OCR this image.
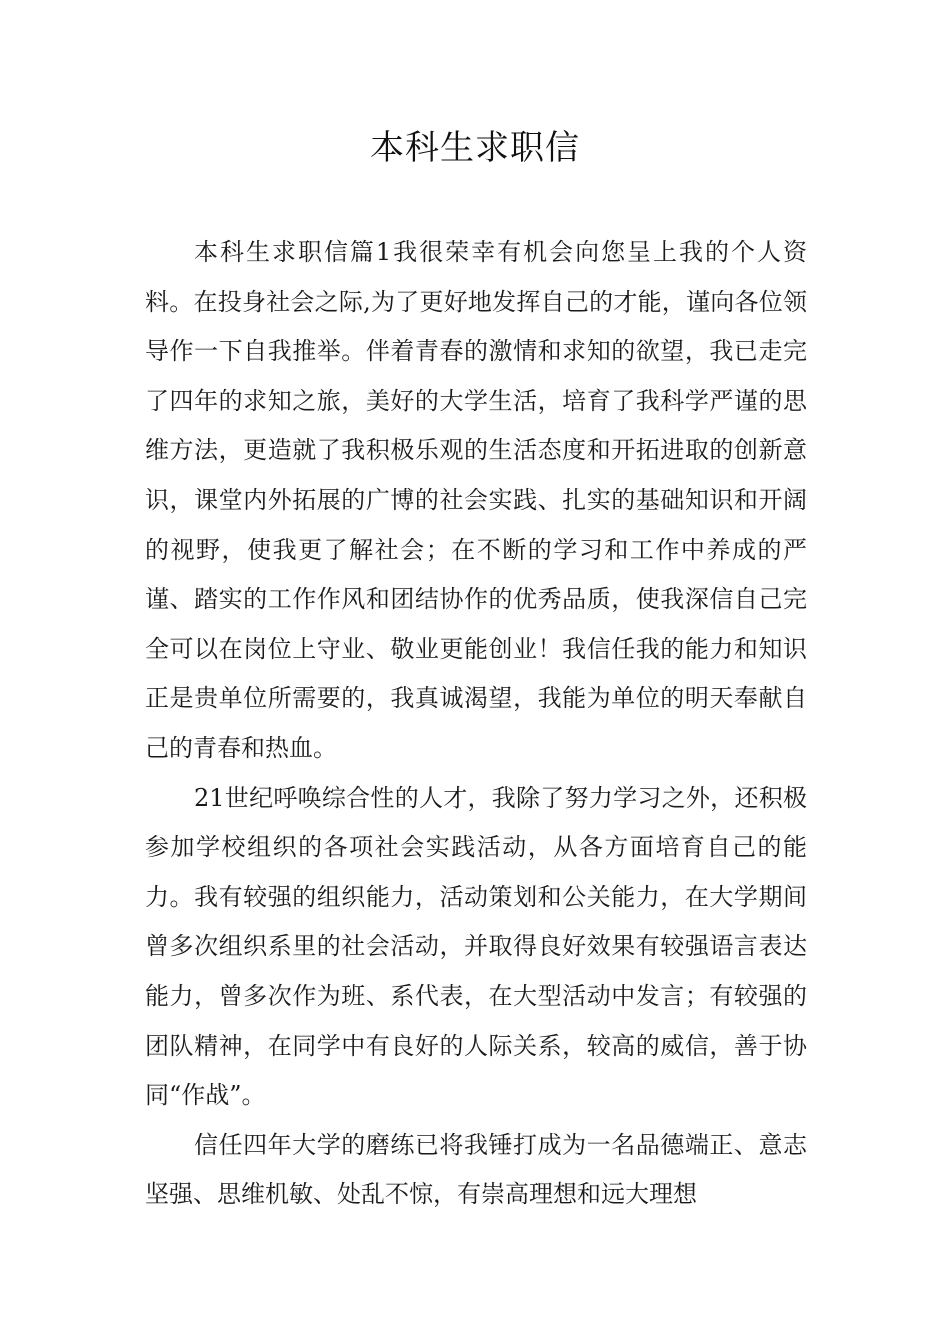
本科生求职信

本科生求职信篇1我很荣幸有机会向您呈上我的个人资料。在投身社会之际,为了更好地发挥自己的才能，谨向各位领导作一下自我推举。伴着青春的激情和求知的欲望，我已走完了四年的求知之旅，美好的大学生活，培育了我科学严谨的思维方法，更造就了我积极乐观的生活态度和开拓进取的创新意识，课堂内外拓展的广博的社会实践、扎实的基础知识和开阔的视野，使我更了解社会；在不断的学习和工作中养成的严谨、踏实的工作作风和团结协作的优秀品质，使我深信自己完全可以在岗位上守业、敬业更能创业！我信任我的能力和知识正是贵单位所需要的，我真诚渴望，我能为单位的明天奉献自己的青春和热血。

21世纪呼唤综合性的人才，我除了努力学习之外，还积极参加学校组织的各项社会实践活动，从各方面培育自己的能力。我有较强的组织能力，活动策划和公关能力，在大学期间曾多次组织系里的社会活动，并取得良好效果有较强语言表达能力，曾多次作为班、系代表，在大型活动中发言；有较强的团队精神，在同学中有良好的人际关系，较高的威信，善于协同“作战”。

信任四年大学的磨练已将我锤打成为一名品德端正、意志坚强、思维机敏、处乱不惊，有崇高理想和远大理想
